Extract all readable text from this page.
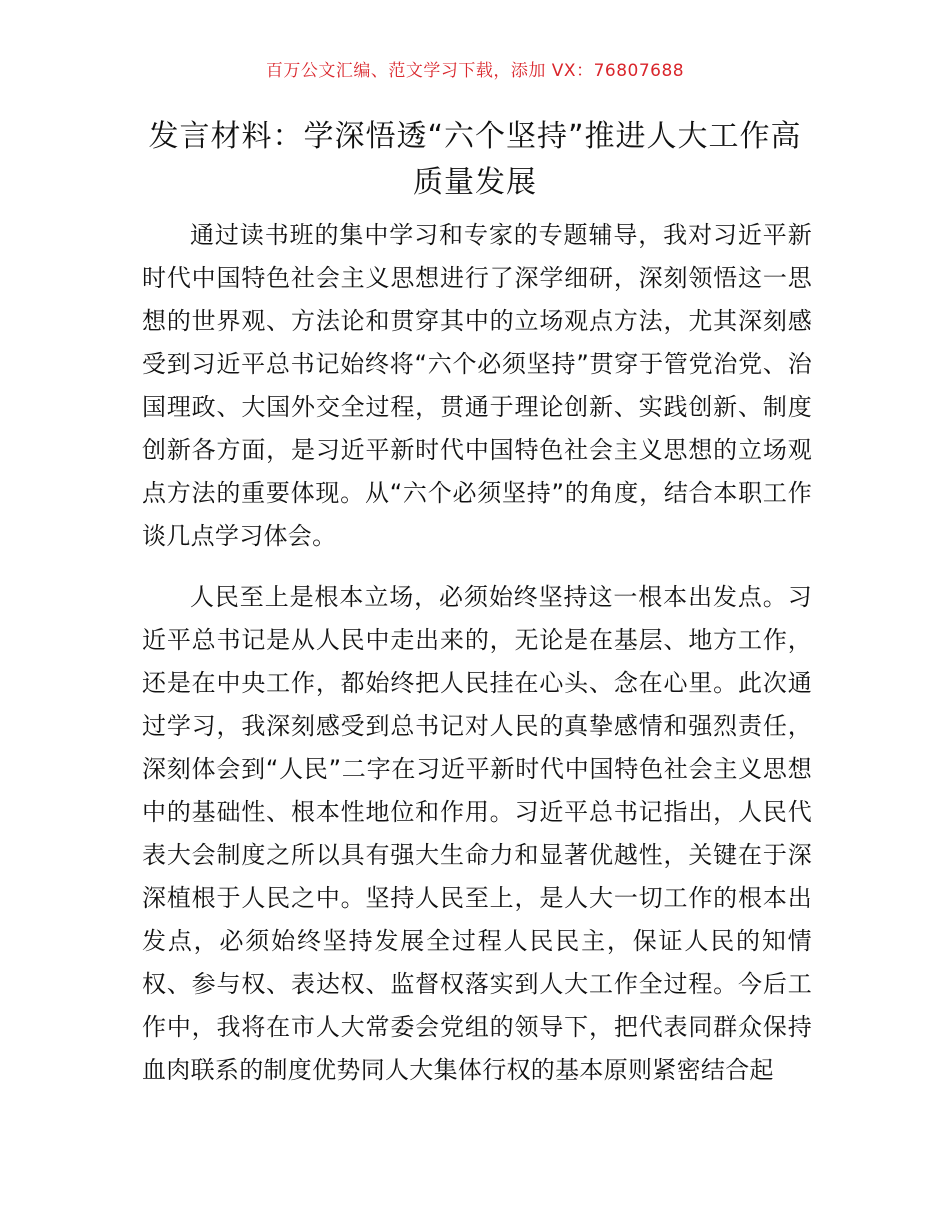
百万公文汇编、范文学习下载，添加 VX：76807688
发言材料：学深悟透“六个坚持”推进人大工作高质量发展

通过读书班的集中学习和专家的专题辅导，我对习近平新时代中国特色社会主义思想进行了深学细研，深刻领悟这一思想的世界观、方法论和贯穿其中的立场观点方法，尤其深刻感受到习近平总书记始终将“六个必须坚持”贯穿于管党治党、治国理政、大国外交全过程，贯通于理论创新、实践创新、制度创新各方面，是习近平新时代中国特色社会主义思想的立场观点方法的重要体现。从“六个必须坚持”的角度，结合本职工作谈几点学习体会。

人民至上是根本立场，必须始终坚持这一根本出发点。习近平总书记是从人民中走出来的，无论是在基层、地方工作，还是在中央工作，都始终把人民挂在心头、念在心里。此次通过学习，我深刻感受到总书记对人民的真挚感情和强烈责任，深刻体会到“人民”二字在习近平新时代中国特色社会主义思想中的基础性、根本性地位和作用。习近平总书记指出，人民代表大会制度之所以具有强大生命力和显著优越性，关键在于深深植根于人民之中。坚持人民至上，是人大一切工作的根本出发点，必须始终坚持发展全过程人民民主，保证人民的知情权、参与权、表达权、监督权落实到人大工作全过程。今后工作中，我将在市人大常委会党组的领导下，把代表同群众保持血肉联系的制度优势同人大集体行权的基本原则紧密结合起
